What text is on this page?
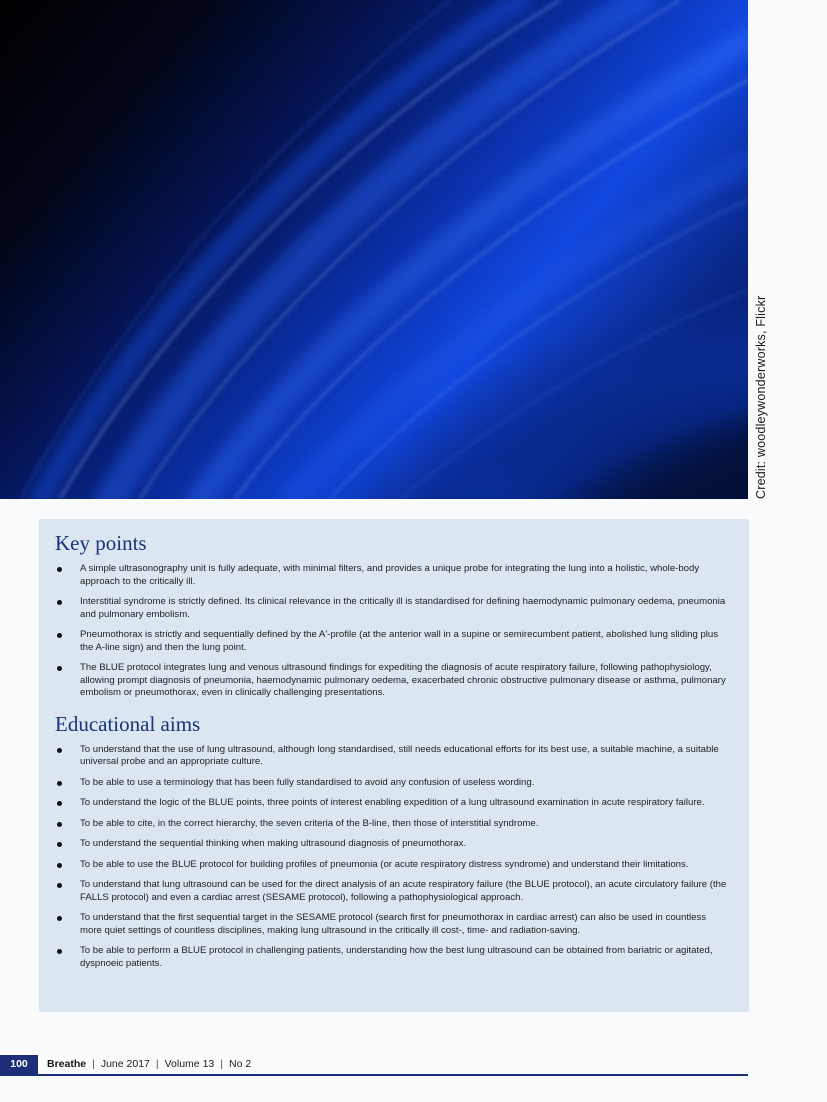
Credit: woodleywonderworks, Flickr
Key points
A simple ultrasonography unit is fully adequate, with minimal filters, and provides a unique probe for integrating the lung into a holistic, whole-body approach to the critically ill.
Interstitial syndrome is strictly defined. Its clinical relevance in the critically ill is standardised for defining haemodynamic pulmonary oedema, pneumonia and pulmonary embolism.
Pneumothorax is strictly and sequentially defined by the A'-profile (at the anterior wall in a supine or semirecumbent patient, abolished lung sliding plus the A-line sign) and then the lung point.
The BLUE protocol integrates lung and venous ultrasound findings for expediting the diagnosis of acute respiratory failure, following pathophysiology, allowing prompt diagnosis of pneumonia, haemodynamic pulmonary oedema, exacerbated chronic obstructive pulmonary disease or asthma, pulmonary embolism or pneumothorax, even in clinically challenging presentations.
Educational aims
To understand that the use of lung ultrasound, although long standardised, still needs educational efforts for its best use, a suitable machine, a suitable universal probe and an appropriate culture.
To be able to use a terminology that has been fully standardised to avoid any confusion of useless wording.
To understand the logic of the BLUE points, three points of interest enabling expedition of a lung ultrasound examination in acute respiratory failure.
To be able to cite, in the correct hierarchy, the seven criteria of the B-line, then those of interstitial syndrome.
To understand the sequential thinking when making ultrasound diagnosis of pneumothorax.
To be able to use the BLUE protocol for building profiles of pneumonia (or acute respiratory distress syndrome) and understand their limitations.
To understand that lung ultrasound can be used for the direct analysis of an acute respiratory failure (the BLUE protocol), an acute circulatory failure (the FALLS protocol) and even a cardiac arrest (SESAME protocol), following a pathophysiological approach.
To understand that the first sequential target in the SESAME protocol (search first for pneumothorax in cardiac arrest) can also be used in countless more quiet settings of countless disciplines, making lung ultrasound in the critically ill cost-, time- and radiation-saving.
To be able to perform a BLUE protocol in challenging patients, understanding how the best lung ultrasound can be obtained from bariatric or agitated, dyspnoeic patients.
100	Breathe | June 2017 | Volume 13 | No 2
